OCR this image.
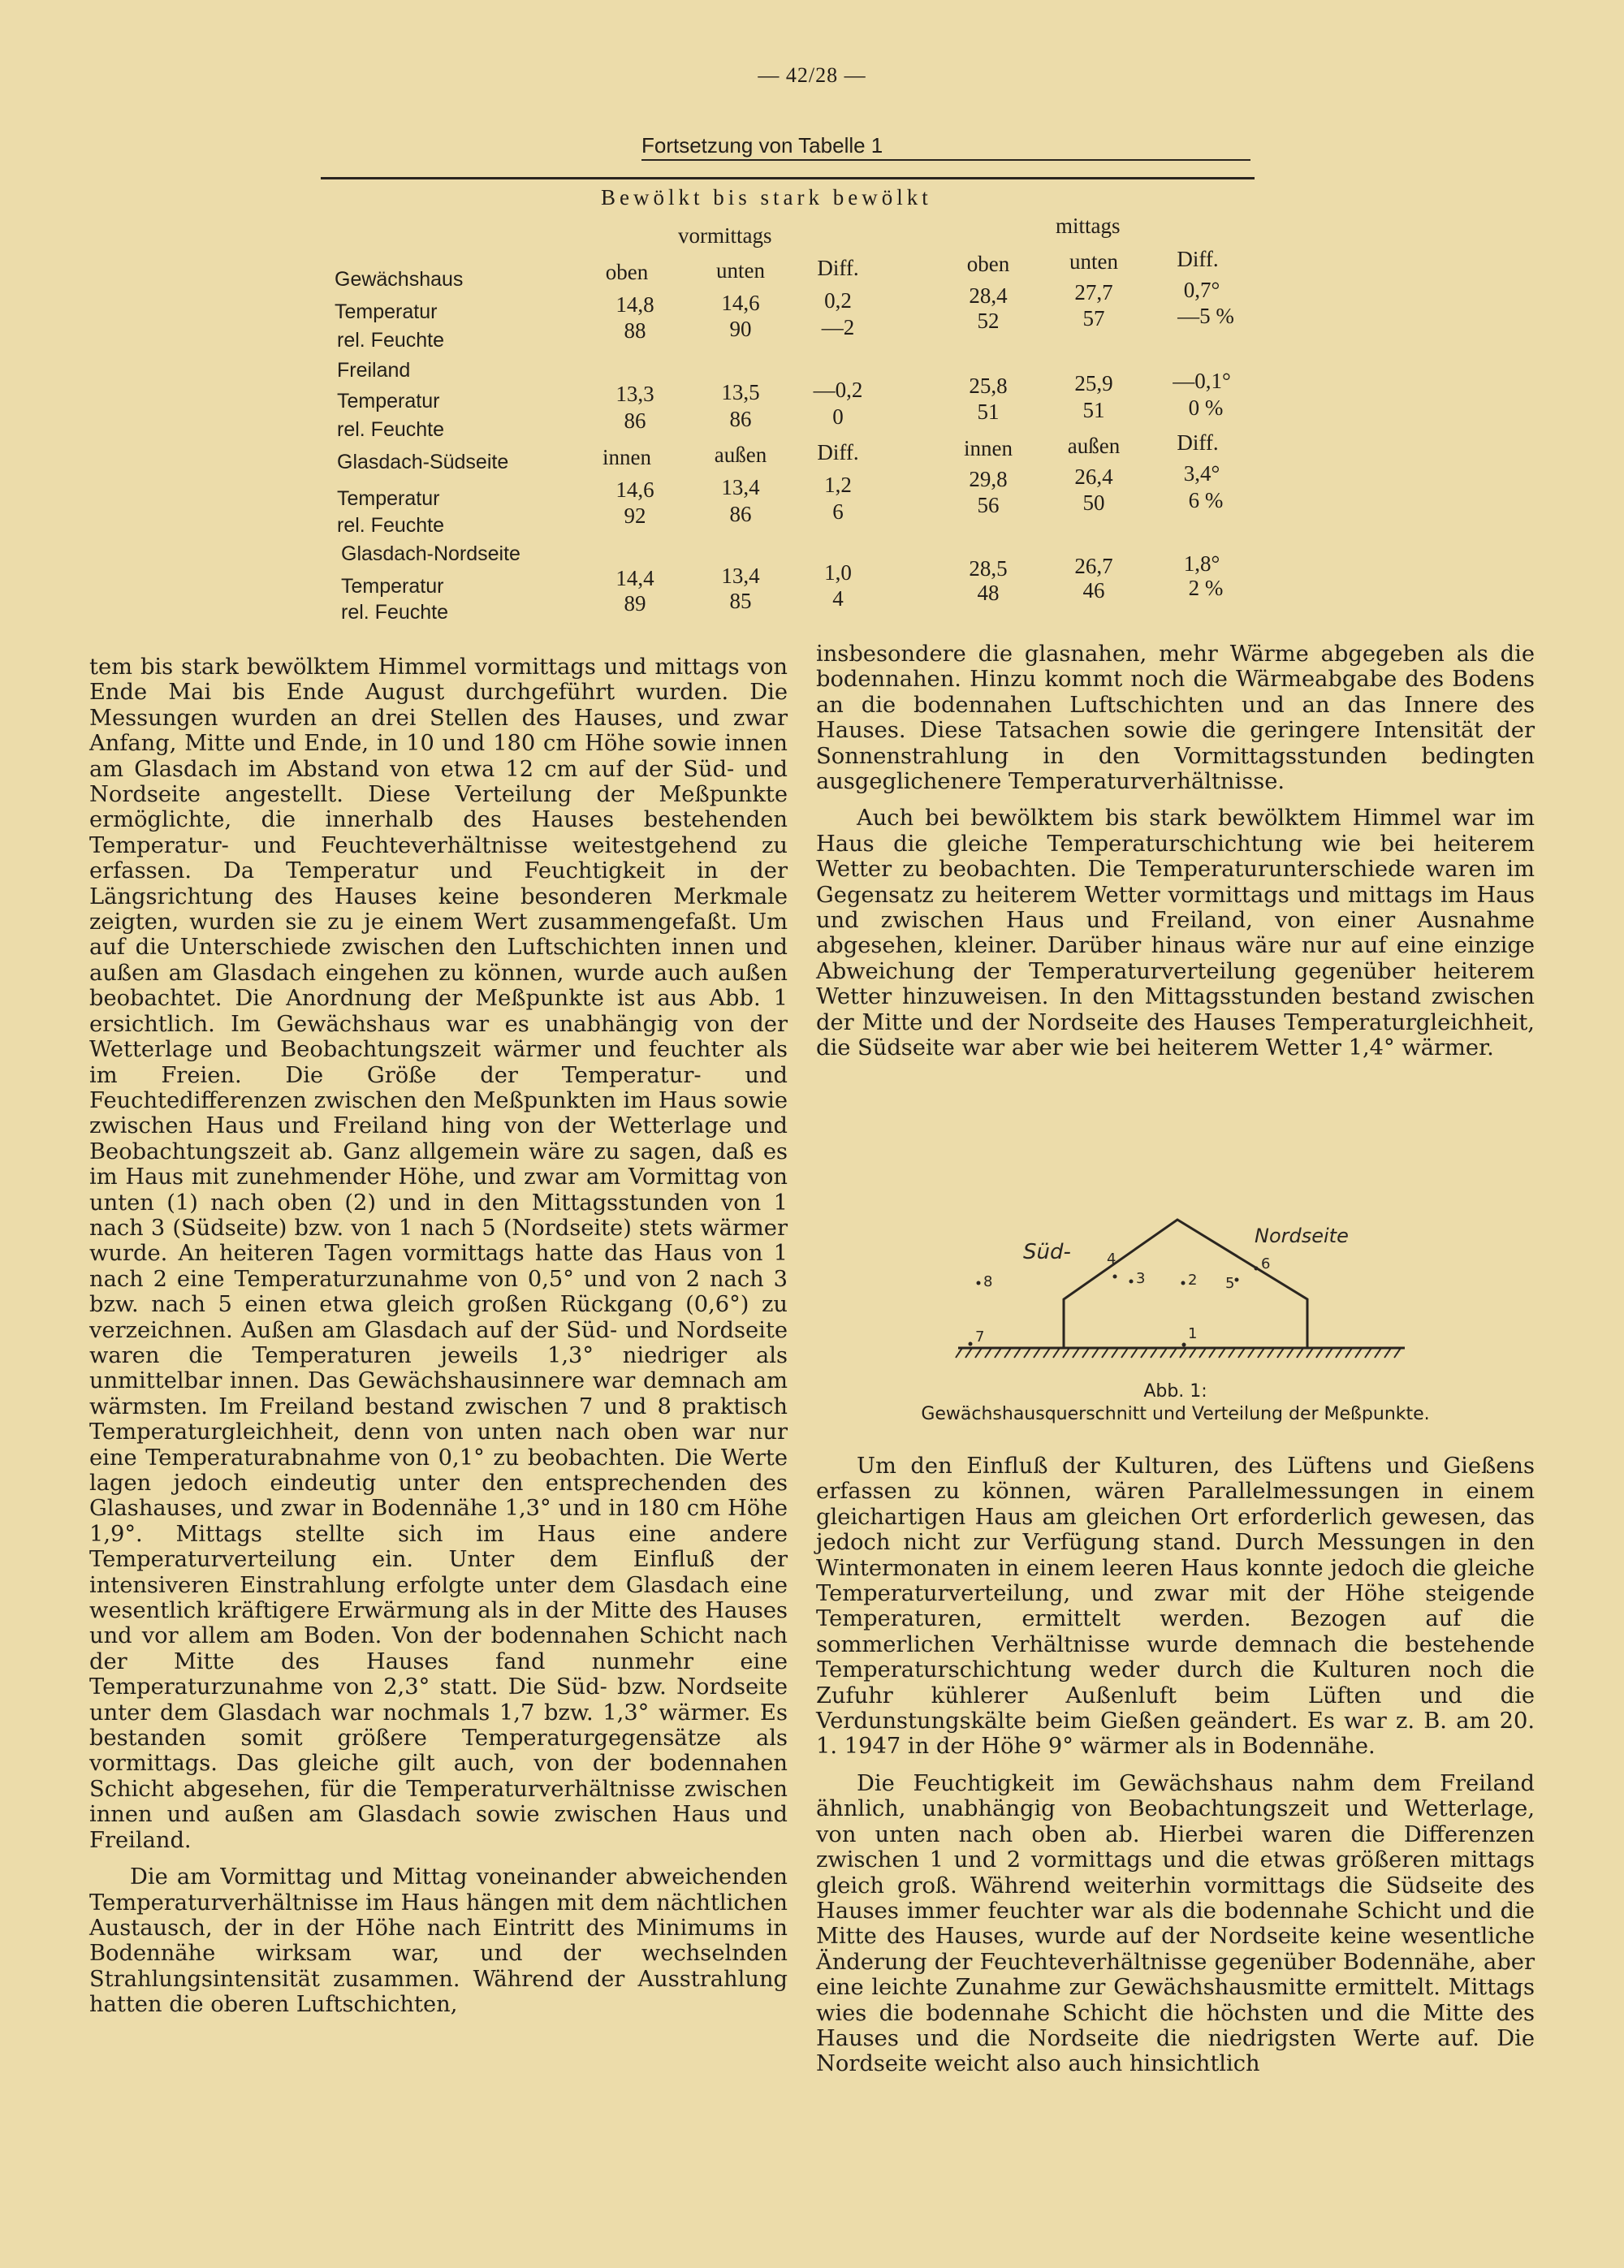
— 42/28 —
Fortsetzung von Tabelle 1
Bewölkt bis stark bewölkt
vormittags	mittags
Gewächshaus	oben	unten	Diff.	oben	unten	Diff.
Temperatur	14,8	14,6	0,2	28,4	27,7	0,7°
rel. Feuchte	88	90	—2	52	57	—5 %
Freiland
Temperatur	13,3	13,5	—0,2	25,8	25,9	—0,1°
rel. Feuchte	86	86	0	51	51	0 %
Glasdach-Südseite	innen	außen	Diff.	innen	außen	Diff.
Temperatur	14,6	13,4	1,2	29,8	26,4	3,4°
rel. Feuchte	92	86	6	56	50	6 %
Glasdach-Nordseite
Temperatur	14,4	13,4	1,0	28,5	26,7	1,8°
rel. Feuchte	89	85	4	48	46	2 %

tem bis stark bewölktem Himmel vormittags und mittags von Ende Mai bis Ende August durchgeführt wurden. Die Messungen wurden an drei Stellen des Hauses, und zwar Anfang, Mitte und Ende, in 10 und 180 cm Höhe sowie innen am Glasdach im Abstand von etwa 12 cm auf der Süd- und Nordseite angestellt. Diese Verteilung der Meßpunkte ermöglichte, die innerhalb des Hauses bestehenden Temperatur- und Feuchteverhältnisse weitestgehend zu erfassen. Da Temperatur und Feuchtigkeit in der Längsrichtung des Hauses keine besonderen Merkmale zeigten, wurden sie zu je einem Wert zusammengefaßt. Um auf die Unterschiede zwischen den Luftschichten innen und außen am Glasdach eingehen zu können, wurde auch außen beobachtet. Die Anordnung der Meßpunkte ist aus Abb. 1 ersichtlich. Im Gewächshaus war es unabhängig von der Wetterlage und Beobachtungszeit wärmer und feuchter als im Freien. Die Größe der Temperatur- und Feuchtedifferenzen zwischen den Meßpunkten im Haus sowie zwischen Haus und Freiland hing von der Wetterlage und Beobachtungszeit ab. Ganz allgemein wäre zu sagen, daß es im Haus mit zunehmender Höhe, und zwar am Vormittag von unten (1) nach oben (2) und in den Mittagsstunden von 1 nach 3 (Südseite) bzw. von 1 nach 5 (Nordseite) stets wärmer wurde. An heiteren Tagen vormittags hatte das Haus von 1 nach 2 eine Temperaturzunahme von 0,5° und von 2 nach 3 bzw. nach 5 einen etwa gleich großen Rückgang (0,6°) zu verzeichnen. Außen am Glasdach auf der Süd- und Nordseite waren die Temperaturen jeweils 1,3° niedriger als unmittelbar innen. Das Gewächshausinnere war demnach am wärmsten. Im Freiland bestand zwischen 7 und 8 praktisch Temperaturgleichheit, denn von unten nach oben war nur eine Temperaturabnahme von 0,1° zu beobachten. Die Werte lagen jedoch eindeutig unter den entsprechenden des Glashauses, und zwar in Bodennähe 1,3° und in 180 cm Höhe 1,9°. Mittags stellte sich im Haus eine andere Temperaturverteilung ein. Unter dem Einfluß der intensiveren Einstrahlung erfolgte unter dem Glasdach eine wesentlich kräftigere Erwärmung als in der Mitte des Hauses und vor allem am Boden. Von der bodennahen Schicht nach der Mitte des Hauses fand nunmehr eine Temperaturzunahme von 2,3° statt. Die Süd- bzw. Nordseite unter dem Glasdach war nochmals 1,7 bzw. 1,3° wärmer. Es bestanden somit größere Temperaturgegensätze als vormittags. Das gleiche gilt auch, von der bodennahen Schicht abgesehen, für die Temperaturverhältnisse zwischen innen und außen am Glasdach sowie zwischen Haus und Freiland.

Die am Vormittag und Mittag voneinander abweichenden Temperaturverhältnisse im Haus hängen mit dem nächtlichen Austausch, der in der Höhe nach Eintritt des Minimums in Bodennähe wirksam war, und der wechselnden Strahlungsintensität zusammen. Während der Ausstrahlung hatten die oberen Luftschichten,

insbesondere die glasnahen, mehr Wärme abgegeben als die bodennahen. Hinzu kommt noch die Wärmeabgabe des Bodens an die bodennahen Luftschichten und an das Innere des Hauses. Diese Tatsachen sowie die geringere Intensität der Sonnenstrahlung in den Vormittagsstunden bedingten ausgeglichenere Temperaturverhältnisse.

Auch bei bewölktem bis stark bewölktem Himmel war im Haus die gleiche Temperaturschichtung wie bei heiterem Wetter zu beobachten. Die Temperaturunterschiede waren im Gegensatz zu heiterem Wetter vormittags und mittags im Haus und zwischen Haus und Freiland, von einer Ausnahme abgesehen, kleiner. Darüber hinaus wäre nur auf eine einzige Abweichung der Temperaturverteilung gegenüber heiterem Wetter hinzuweisen. In den Mittagsstunden bestand zwischen der Mitte und der Nordseite des Hauses Temperaturgleichheit, die Südseite war aber wie bei heiterem Wetter 1,4° wärmer.

Süd-
Nordseite
1
2
3
4
5
6
7
8
Abb. 1:
Gewächshausquerschnitt und Verteilung der Meßpunkte.

Um den Einfluß der Kulturen, des Lüftens und Gießens erfassen zu können, wären Parallelmessungen in einem gleichartigen Haus am gleichen Ort erforderlich gewesen, das jedoch nicht zur Verfügung stand. Durch Messungen in den Wintermonaten in einem leeren Haus konnte jedoch die gleiche Temperaturverteilung, und zwar mit der Höhe steigende Temperaturen, ermittelt werden. Bezogen auf die sommerlichen Verhältnisse wurde demnach die bestehende Temperaturschichtung weder durch die Kulturen noch die Zufuhr kühlerer Außenluft beim Lüften und die Verdunstungskälte beim Gießen geändert. Es war z. B. am 20. 1. 1947 in der Höhe 9° wärmer als in Bodennähe.

Die Feuchtigkeit im Gewächshaus nahm dem Freiland ähnlich, unabhängig von Beobachtungszeit und Wetterlage, von unten nach oben ab. Hierbei waren die Differenzen zwischen 1 und 2 vormittags und die etwas größeren mittags gleich groß. Während weiterhin vormittags die Südseite des Hauses immer feuchter war als die bodennahe Schicht und die Mitte des Hauses, wurde auf der Nordseite keine wesentliche Änderung der Feuchteverhältnisse gegenüber Bodennähe, aber eine leichte Zunahme zur Gewächshausmitte ermittelt. Mittags wies die bodennahe Schicht die höchsten und die Mitte des Hauses und die Nordseite die niedrigsten Werte auf. Die Nordseite weicht also auch hinsichtlich
